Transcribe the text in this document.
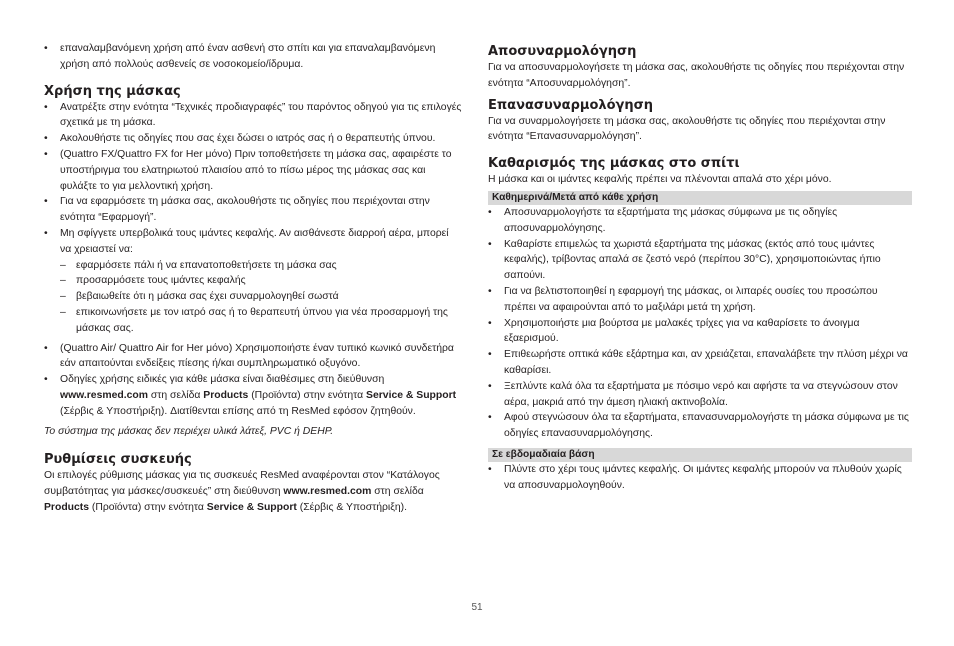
• επαναλαμβανόμενη χρήση από έναν ασθενή στο σπίτι και για επαναλαμβανόμενη χρήση από πολλούς ασθενείς σε νοσοκομείο/ίδρυμα.
Χρήση της μάσκας
• Ανατρέξτε στην ενότητα “Τεχνικές προδιαγραφές” του παρόντος οδηγού για τις επιλογές σχετικά με τη μάσκα.
• Ακολουθήστε τις οδηγίες που σας έχει δώσει ο ιατρός σας ή ο θεραπευτής ύπνου.
• (Quattro FX/Quattro FX for Her μόνο) Πριν τοποθετήσετε τη μάσκα σας, αφαιρέστε το υποστήριγμα του ελατηριωτού πλαισίου από το πίσω μέρος της μάσκας σας και φυλάξτε το για μελλοντική χρήση.
• Για να εφαρμόσετε τη μάσκα σας, ακολουθήστε τις οδηγίες που περιέχονται στην ενότητα “Εφαρμογή”.
• Μη σφίγγετε υπερβολικά τους ιμάντες κεφαλής. Αν αισθάνεστε διαρροή αέρα, μπορεί να χρειαστεί να:
– εφαρμόσετε πάλι ή να επανατοποθετήσετε τη μάσκα σας
– προσαρμόσετε τους ιμάντες κεφαλής
– βεβαιωθείτε ότι η μάσκα σας έχει συναρμολογηθεί σωστά
– επικοινωνήσετε με τον ιατρό σας ή το θεραπευτή ύπνου για νέα προσαρμογή της μάσκας σας.
• (Quattro Air/ Quattro Air for Her μόνο) Χρησιμοποιήστε έναν τυπικό κωνικό συνδετήρα εάν απαιτούνται ενδείξεις πίεσης ή/και συμπληρωματικό οξυγόνο.
• Οδηγίες χρήσης ειδικές για κάθε μάσκα είναι διαθέσιμες στη διεύθυνση www.resmed.com στη σελίδα Products (Προϊόντα) στην ενότητα Service & Support (Σέρβις & Υποστήριξη). Διατίθενται επίσης από τη ResMed εφόσον ζητηθούν.

Το σύστημα της μάσκας δεν περιέχει υλικά λάτεξ, PVC ή DEHP.

Ρυθμίσεις συσκευής

Οι επιλογές ρύθμισης μάσκας για τις συσκευές ResMed αναφέρονται στον “Κατάλογος συμβατότητας για μάσκες/συσκευές” στη διεύθυνση www.resmed.com στη σελίδα Products (Προϊόντα) στην ενότητα Service & Support (Σέρβις & Υποστήριξη).

Αποσυναρμολόγηση

Για να αποσυναρμολογήσετε τη μάσκα σας, ακολουθήστε τις οδηγίες που περιέχονται στην ενότητα “Αποσυναρμολόγηση”.

Επανασυναρμολόγηση

Για να συναρμολογήσετε τη μάσκα σας, ακολουθήστε τις οδηγίες που περιέχονται στην ενότητα “Επανασυναρμολόγηση”.

Καθαρισμός της μάσκας στο σπίτι

Η μάσκα και οι ιμάντες κεφαλής πρέπει να πλένονται απαλά στο χέρι μόνο.

Καθημερινά/Μετά από κάθε χρήση
• Αποσυναρμολογήστε τα εξαρτήματα της μάσκας σύμφωνα με τις οδηγίες αποσυναρμολόγησης.
• Καθαρίστε επιμελώς τα χωριστά εξαρτήματα της μάσκας (εκτός από τους ιμάντες κεφαλής), τρίβοντας απαλά σε ζεστό νερό (περίπου 30°C), χρησιμοποιώντας ήπιο σαπούνι.
• Για να βελτιστοποιηθεί η εφαρμογή της μάσκας, οι λιπαρές ουσίες του προσώπου πρέπει να αφαιρούνται από το μαξιλάρι μετά τη χρήση.
• Χρησιμοποιήστε μια βούρτσα με μαλακές τρίχες για να καθαρίσετε το άνοιγμα εξαερισμού.
• Επιθεωρήστε οπτικά κάθε εξάρτημα και, αν χρειάζεται, επαναλάβετε την πλύση μέχρι να καθαρίσει.
• Ξεπλύντε καλά όλα τα εξαρτήματα με πόσιμο νερό και αφήστε τα να στεγνώσουν στον αέρα, μακριά από την άμεση ηλιακή ακτινοβολία.
• Αφού στεγνώσουν όλα τα εξαρτήματα, επανασυναρμολογήστε τη μάσκα σύμφωνα με τις οδηγίες επανασυναρμολόγησης.
Σε εβδομαδιαία βάση
• Πλύντε στο χέρι τους ιμάντες κεφαλής. Οι ιμάντες κεφαλής μπορούν να πλυθούν χωρίς να αποσυναρμολογηθούν.
51
